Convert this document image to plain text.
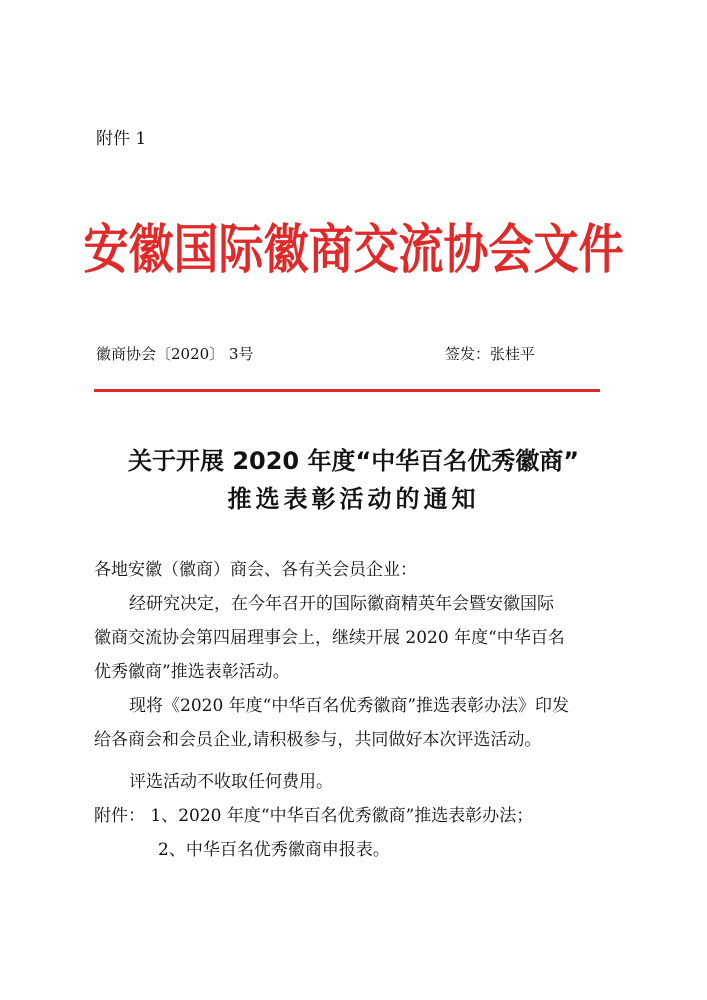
附件 1
安徽国际徽商交流协会文件
徽商协会〔2020〕 3号	签发：张桂平
关于开展 2020 年度“中华百名优秀徽商”
推选表彰活动的通知
各地安徽（徽商）商会、各有关会员企业：
经研究决定，在今年召开的国际徽商精英年会暨安徽国际
徽商交流协会第四届理事会上，继续开展 2020 年度“中华百名
优秀徽商”推选表彰活动。
现将《2020 年度“中华百名优秀徽商”推选表彰办法》印发
给各商会和会员企业,请积极参与，共同做好本次评选活动。
评选活动不收取任何费用。
附件： 1、2020 年度“中华百名优秀徽商”推选表彰办法；
2、中华百名优秀徽商申报表。
